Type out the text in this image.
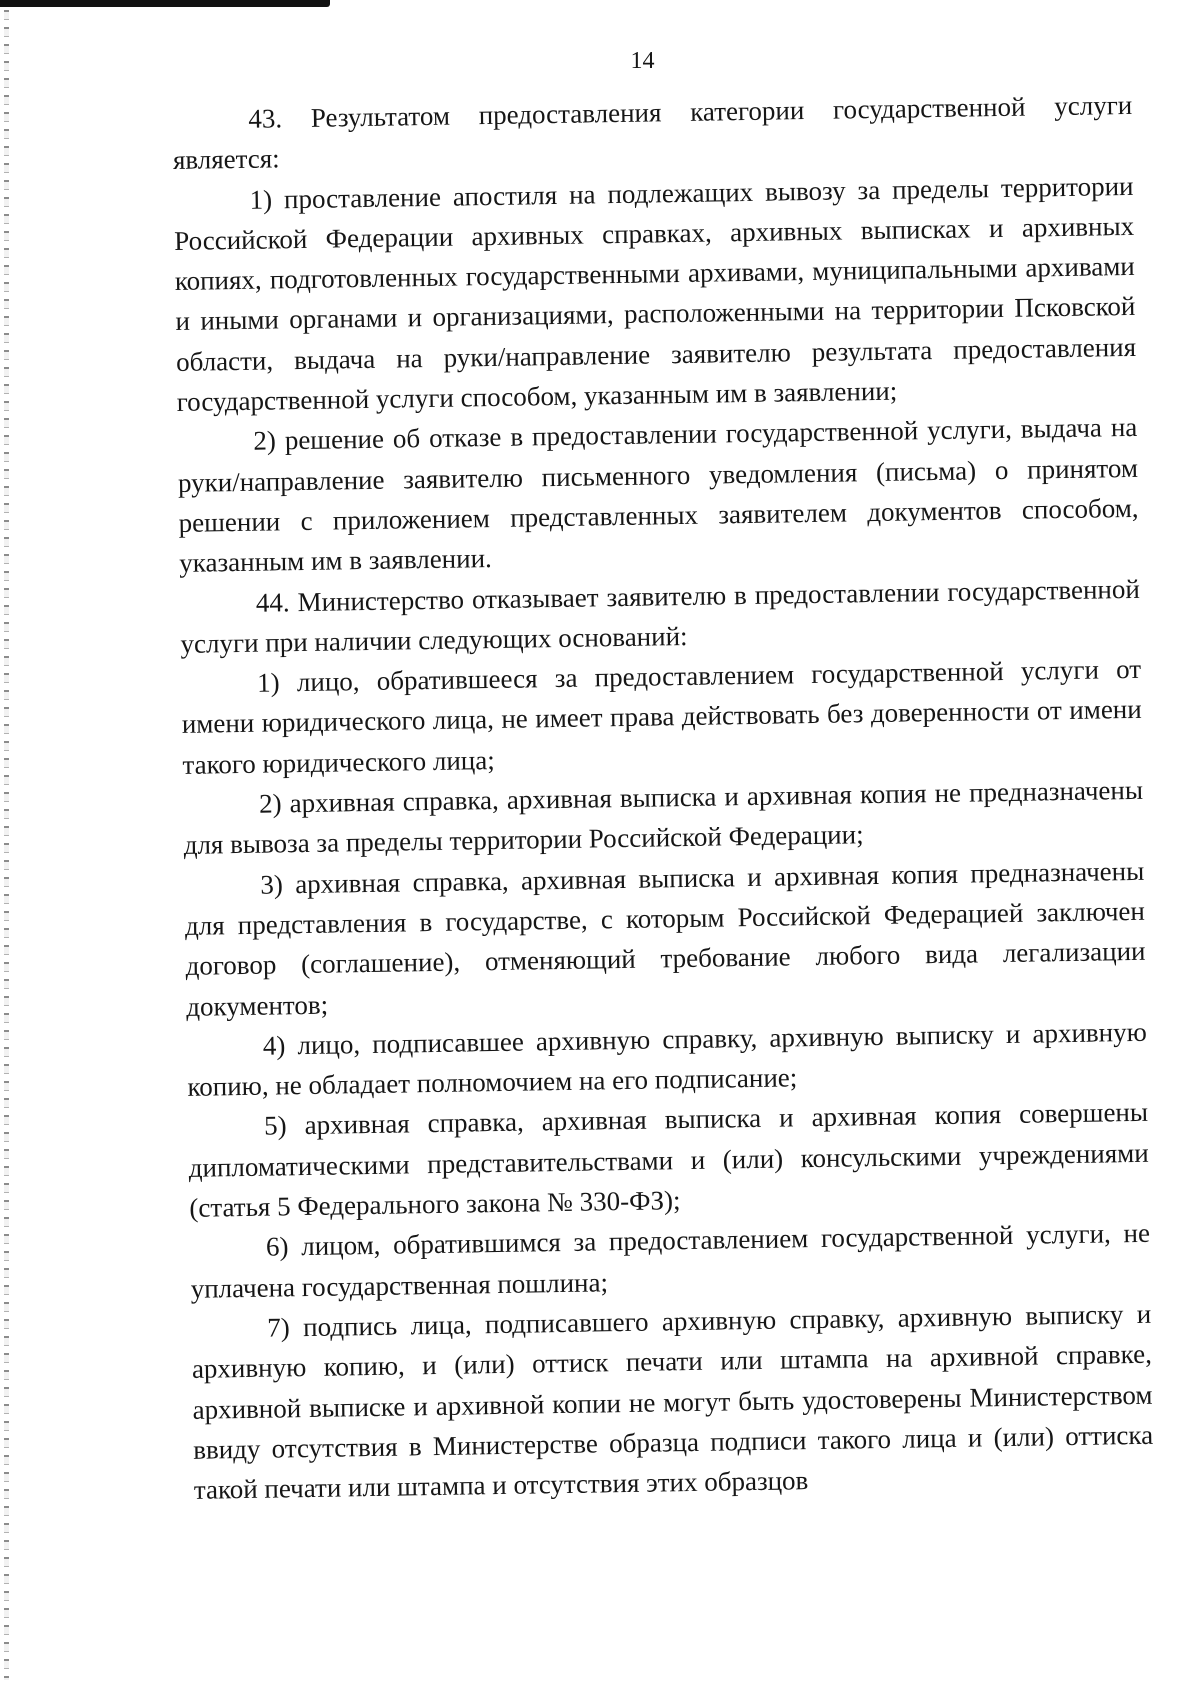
14

43. Результатом предоставления категории государственной услуги является:

1) проставление апостиля на подлежащих вывозу за пределы территории Российской Федерации архивных справках, архивных выписках и архивных копиях, подготовленных государственными архивами, муниципальными архивами и иными органами и организациями, расположенными на территории Псковской области, выдача на руки/направление заявителю результата предоставления государственной услуги способом, указанным им в заявлении;

2) решение об отказе в предоставлении государственной услуги, выдача на руки/направление заявителю письменного уведомления (письма) о принятом решении с приложением представленных заявителем документов способом, указанным им в заявлении.

44. Министерство отказывает заявителю в предоставлении государственной услуги при наличии следующих оснований:

1) лицо, обратившееся за предоставлением государственной услуги от имени юридического лица, не имеет права действовать без доверенности от имени такого юридического лица;

2) архивная справка, архивная выписка и архивная копия не предназначены для вывоза за пределы территории Российской Федерации;

3) архивная справка, архивная выписка и архивная копия предназначены для представления в государстве, с которым Российской Федерацией заключен договор (соглашение), отменяющий требование любого вида легализации документов;

4) лицо, подписавшее архивную справку, архивную выписку и архивную копию, не обладает полномочием на его подписание;

5) архивная справка, архивная выписка и архивная копия совершены дипломатическими представительствами и (или) консульскими учреждениями (статья 5 Федерального закона № 330-ФЗ);

6) лицом, обратившимся за предоставлением государственной услуги, не уплачена государственная пошлина;

7) подпись лица, подписавшего архивную справку, архивную выписку и архивную копию, и (или) оттиск печати или штампа на архивной справке, архивной выписке и архивной копии не могут быть удостоверены Министерством ввиду отсутствия в Министерстве образца подписи такого лица и (или) оттиска такой печати или штампа и отсутствия этих образцов
